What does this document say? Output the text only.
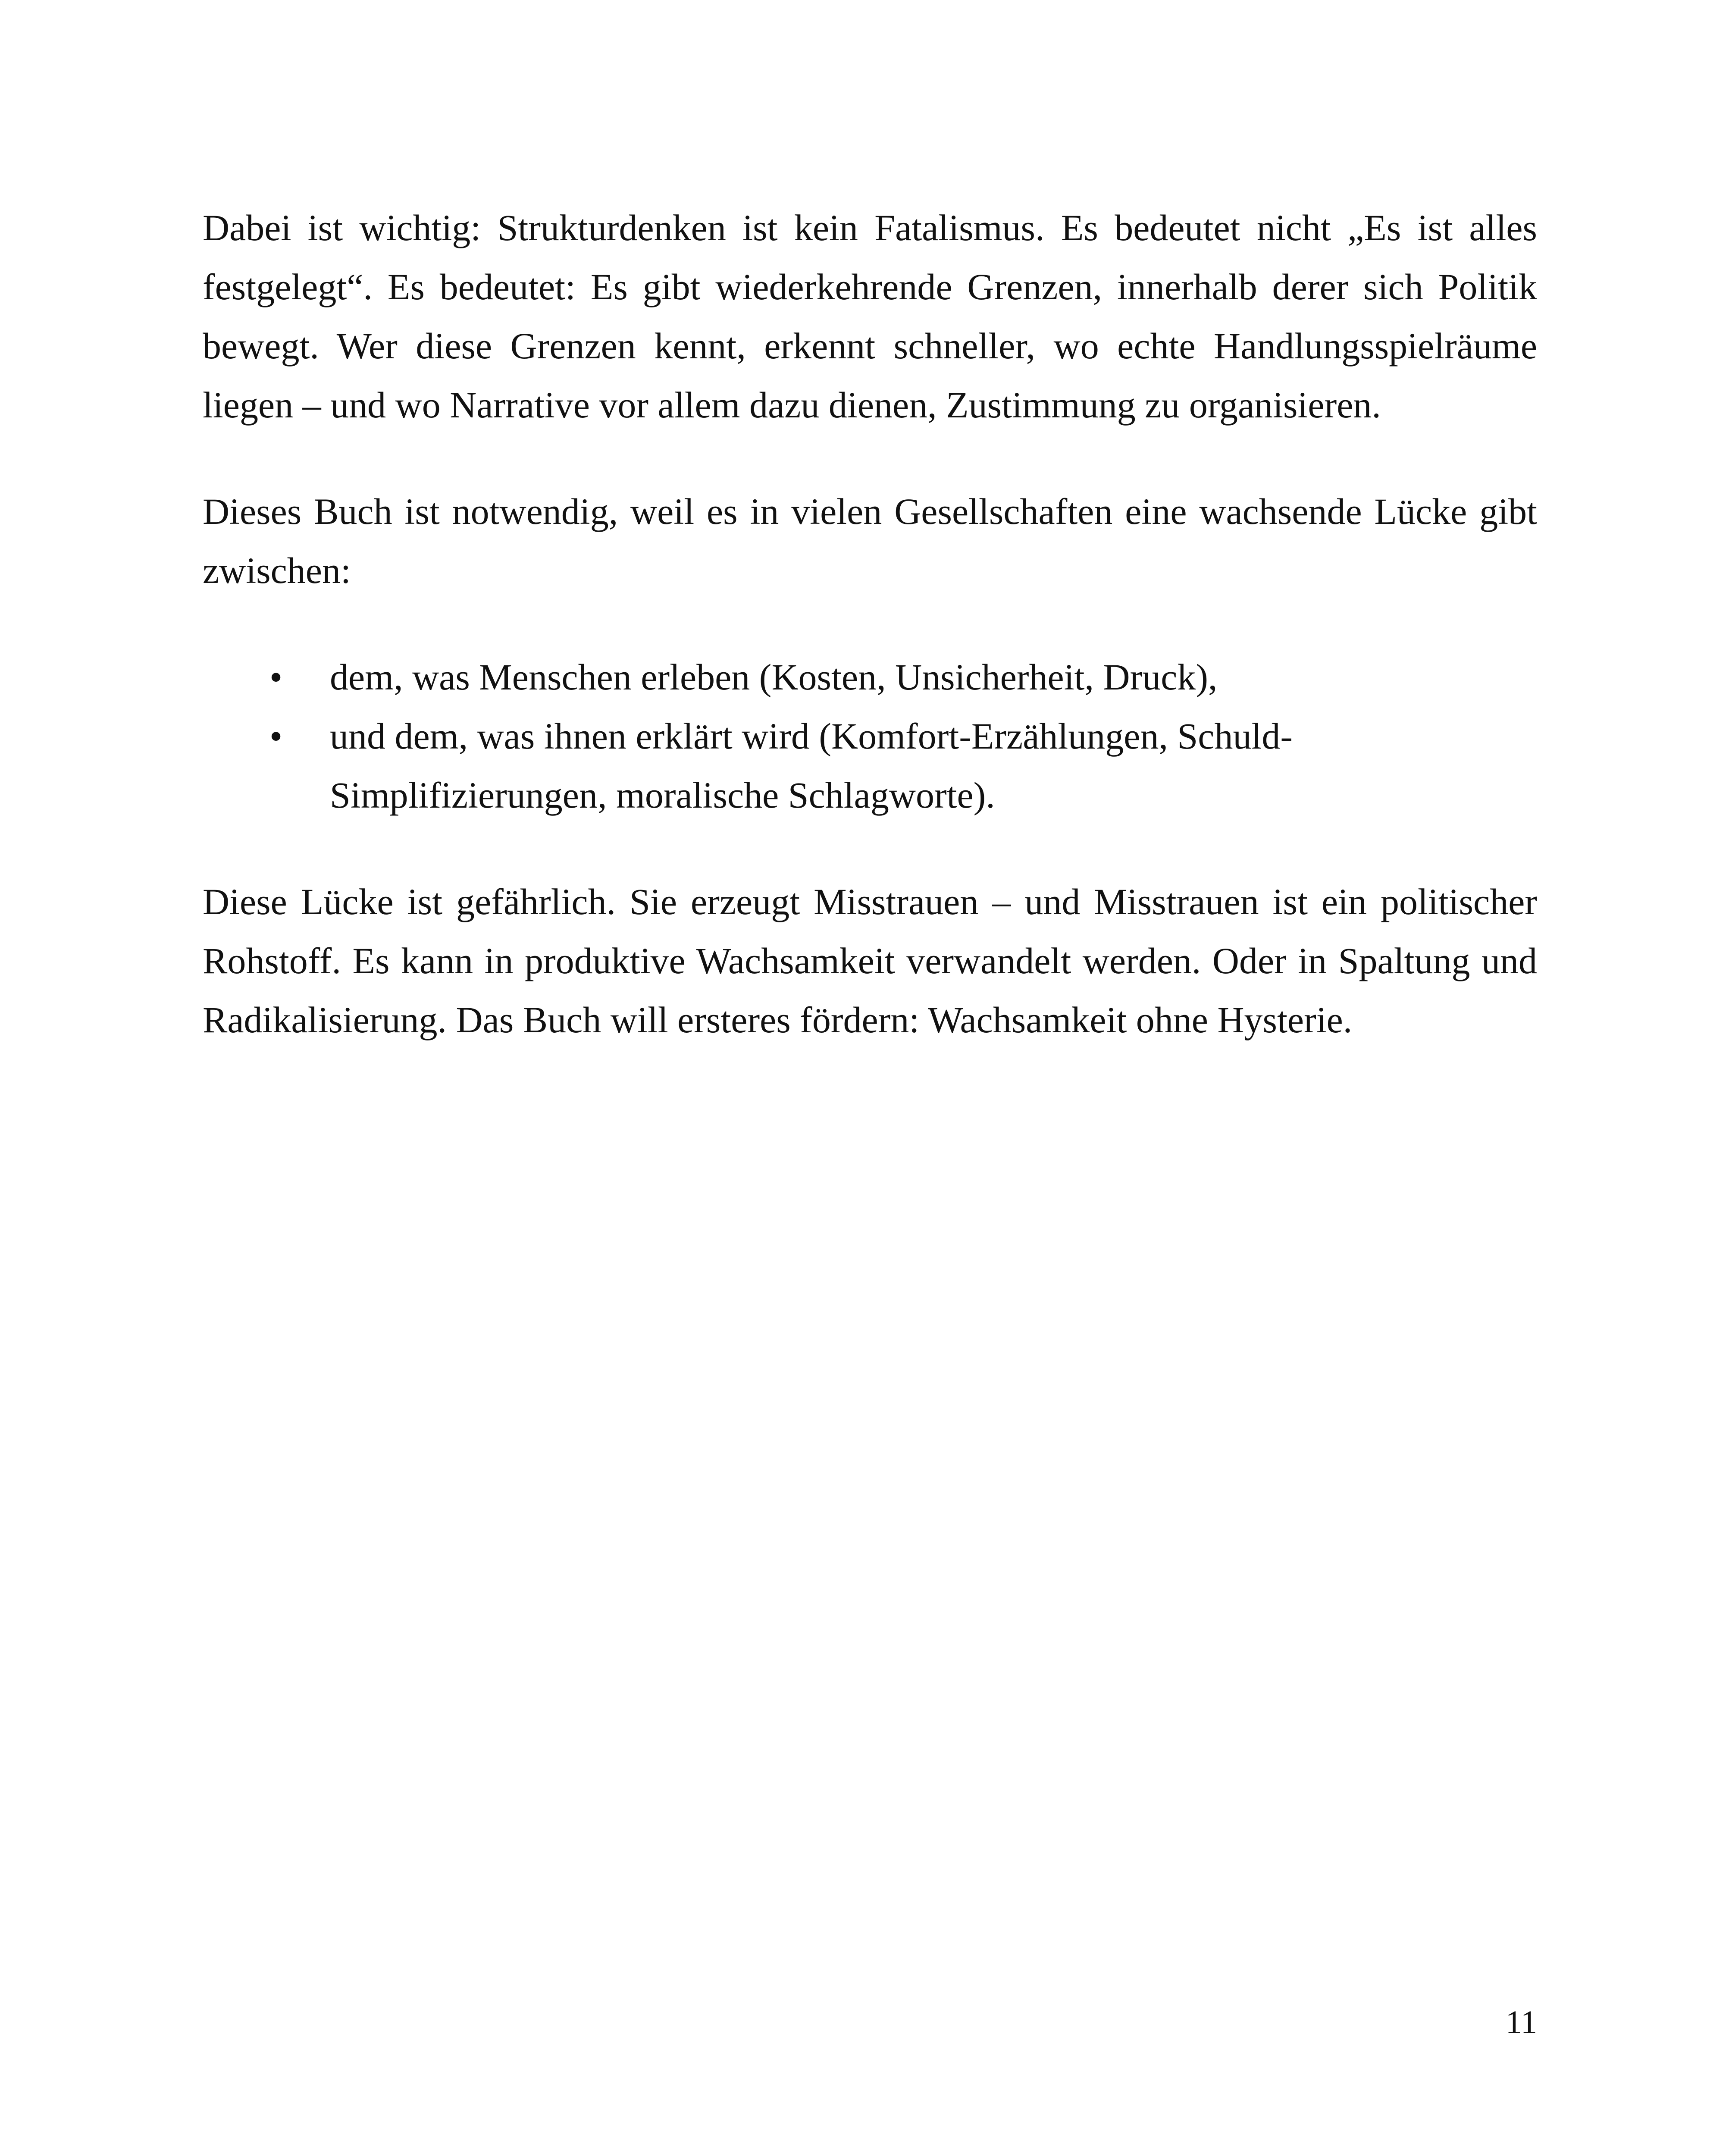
Dabei ist wichtig: Strukturdenken ist kein Fatalismus. Es bedeutet nicht „Es ist alles festgelegt“. Es bedeutet: Es gibt wiederkehrende Grenzen, innerhalb derer sich Politik bewegt. Wer diese Grenzen kennt, erkennt schneller, wo echte Handlungsspielräume liegen – und wo Narrative vor allem dazu dienen, Zustimmung zu organisieren.

Dieses Buch ist notwendig, weil es in vielen Gesellschaften eine wachsende Lücke gibt zwischen:

• dem, was Menschen erleben (Kosten, Unsicherheit, Druck),
• und dem, was ihnen erklärt wird (Komfort-Erzählungen, Schuld-Simplifizierungen, moralische Schlagworte).

Diese Lücke ist gefährlich. Sie erzeugt Misstrauen – und Misstrauen ist ein politischer Rohstoff. Es kann in produktive Wachsamkeit verwandelt werden. Oder in Spaltung und Radikalisierung. Das Buch will ersteres fördern: Wachsamkeit ohne Hysterie.

11
